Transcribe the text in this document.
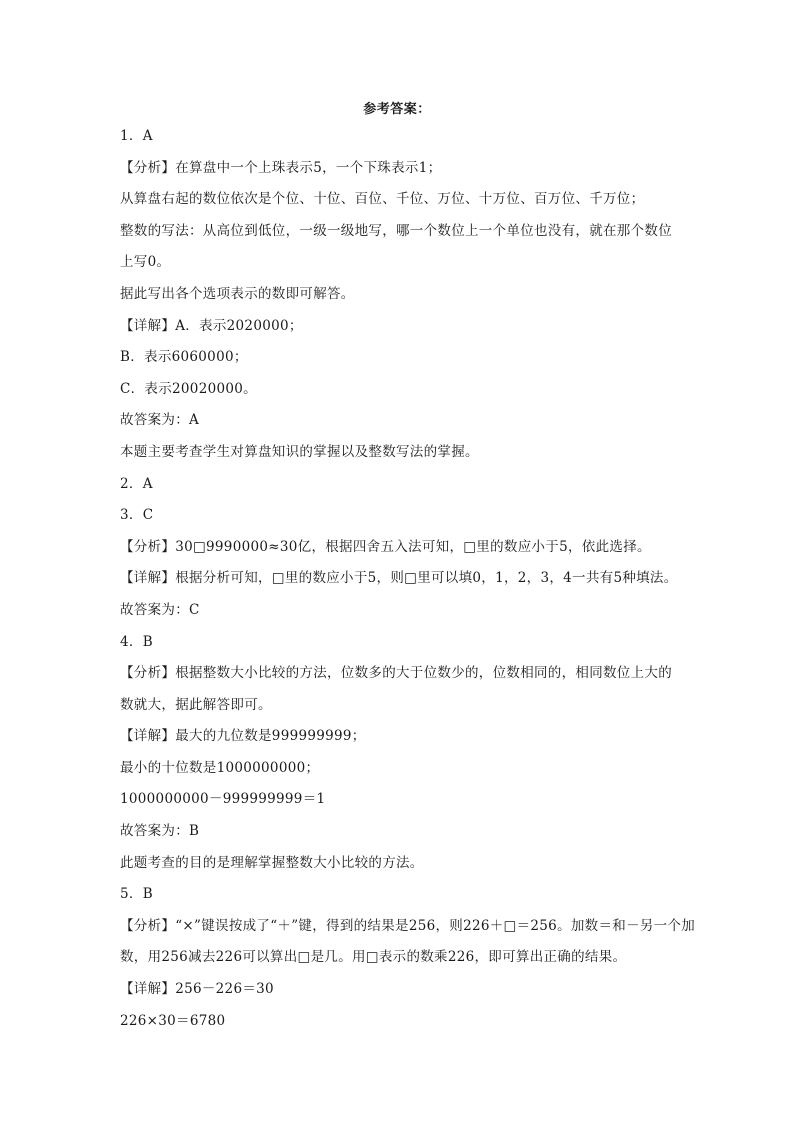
参考答案：
1．A
【分析】在算盘中一个上珠表示5，一个下珠表示1；
从算盘右起的数位依次是个位、十位、百位、千位、万位、十万位、百万位、千万位；
整数的写法：从高位到低位，一级一级地写，哪一个数位上一个单位也没有，就在那个数位
上写0。
据此写出各个选项表示的数即可解答。
【详解】A．表示2020000；
B．表示6060000；
C．表示20020000。
故答案为：A
本题主要考查学生对算盘知识的掌握以及整数写法的掌握。
2．A
3．C
【分析】30□9990000≈30亿，根据四舍五入法可知，□里的数应小于5，依此选择。
【详解】根据分析可知，□里的数应小于5，则□里可以填0，1，2，3，4一共有5种填法。
故答案为：C
4．B
【分析】根据整数大小比较的方法，位数多的大于位数少的，位数相同的，相同数位上大的
数就大，据此解答即可。
【详解】最大的九位数是999999999；
最小的十位数是1000000000；
1000000000－999999999＝1
故答案为：B
此题考查的目的是理解掌握整数大小比较的方法。
5．B
【分析】“×”键误按成了“＋”键，得到的结果是256，则226＋□＝256。加数＝和－另一个加
数，用256减去226可以算出□是几。用□表示的数乘226，即可算出正确的结果。
【详解】256－226＝30
226×30＝6780
